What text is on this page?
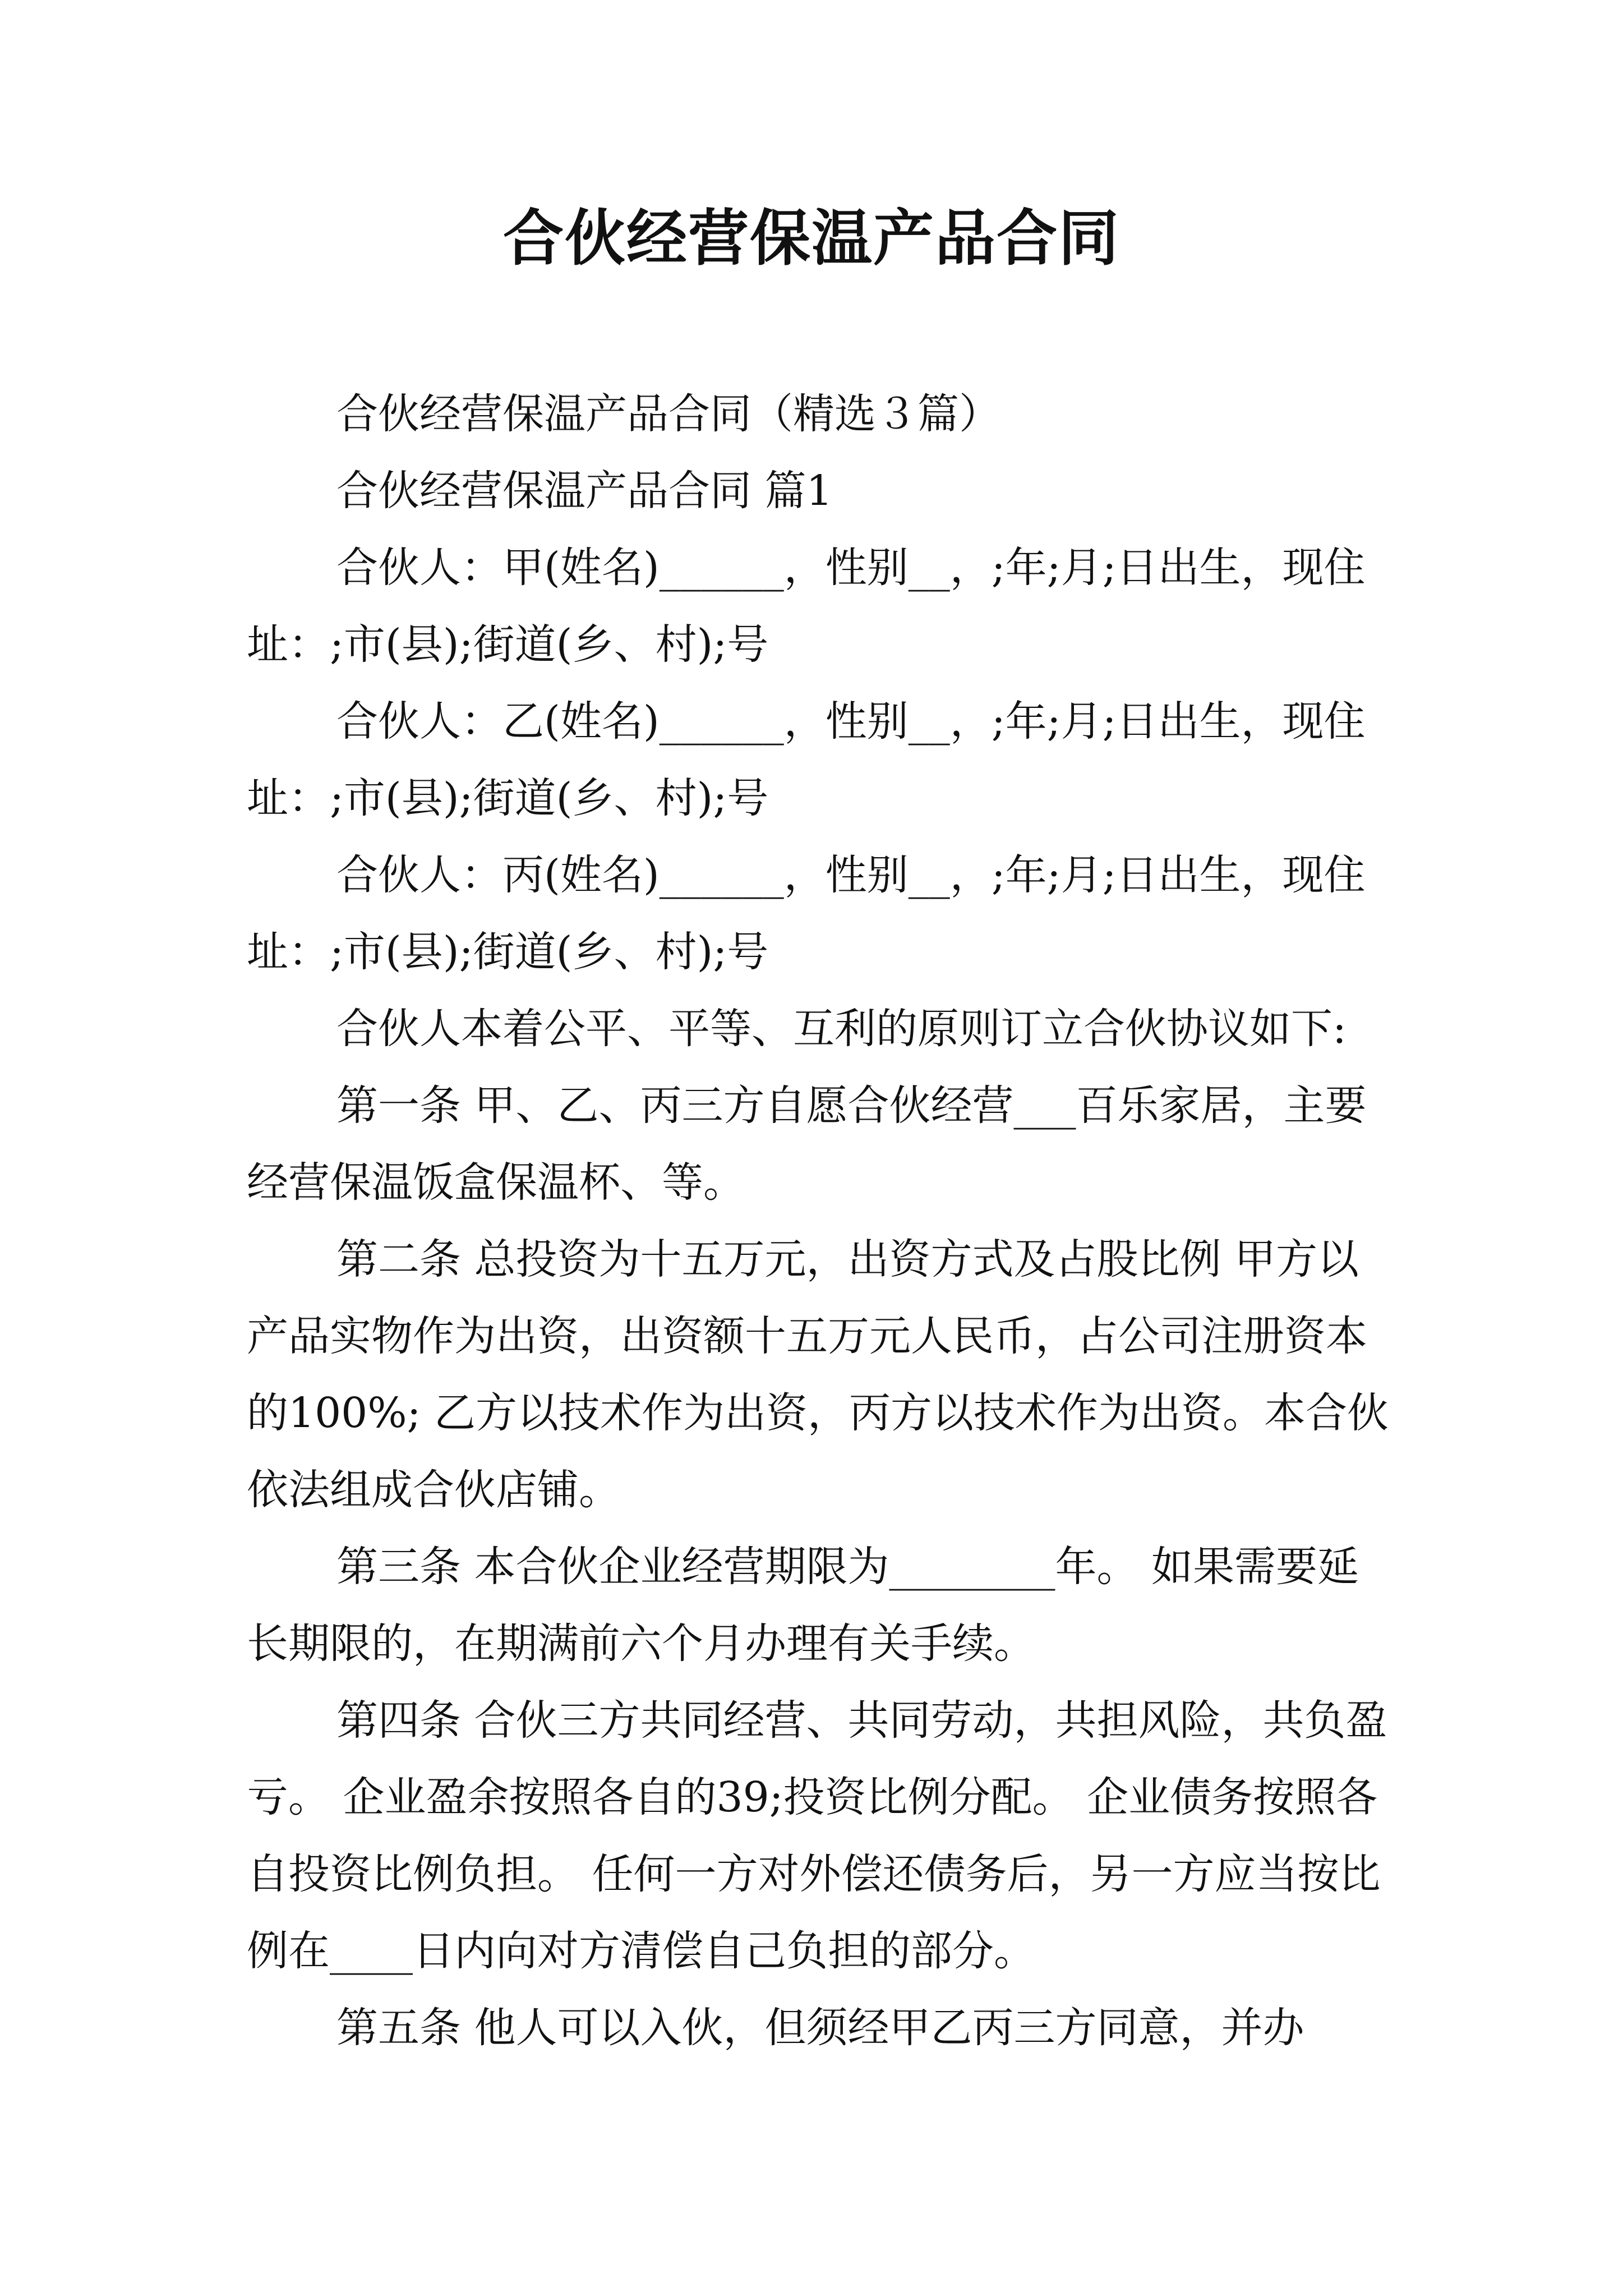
合伙经营保温产品合同

合伙经营保温产品合同（精选３篇）

合伙经营保温产品合同 篇1

合伙人：甲(姓名)______，性别__，;年;月;日出生，现住址：;市(县);街道(乡、村);号

合伙人：乙(姓名)______，性别__，;年;月;日出生，现住址：;市(县);街道(乡、村);号

合伙人：丙(姓名)______，性别__，;年;月;日出生，现住址：;市(县);街道(乡、村);号

合伙人本着公平、平等、互利的原则订立合伙协议如下:

第一条 甲、乙、丙三方自愿合伙经营___百乐家居，主要经营保温饭盒保温杯、等。

第二条 总投资为十五万元，出资方式及占股比例 甲方以产品实物作为出资，出资额十五万元人民币，占公司注册资本的100%; 乙方以技术作为出资，丙方以技术作为出资。本合伙依法组成合伙店铺。

第三条 本合伙企业经营期限为________年。 如果需要延长期限的，在期满前六个月办理有关手续。

第四条 合伙三方共同经营、共同劳动，共担风险，共负盈亏。 企业盈余按照各自的39;投资比例分配。 企业债务按照各自投资比例负担。 任何一方对外偿还债务后，另一方应当按比例在____日内向对方清偿自己负担的部分。

第五条 他人可以入伙，但须经甲乙丙三方同意，并办
